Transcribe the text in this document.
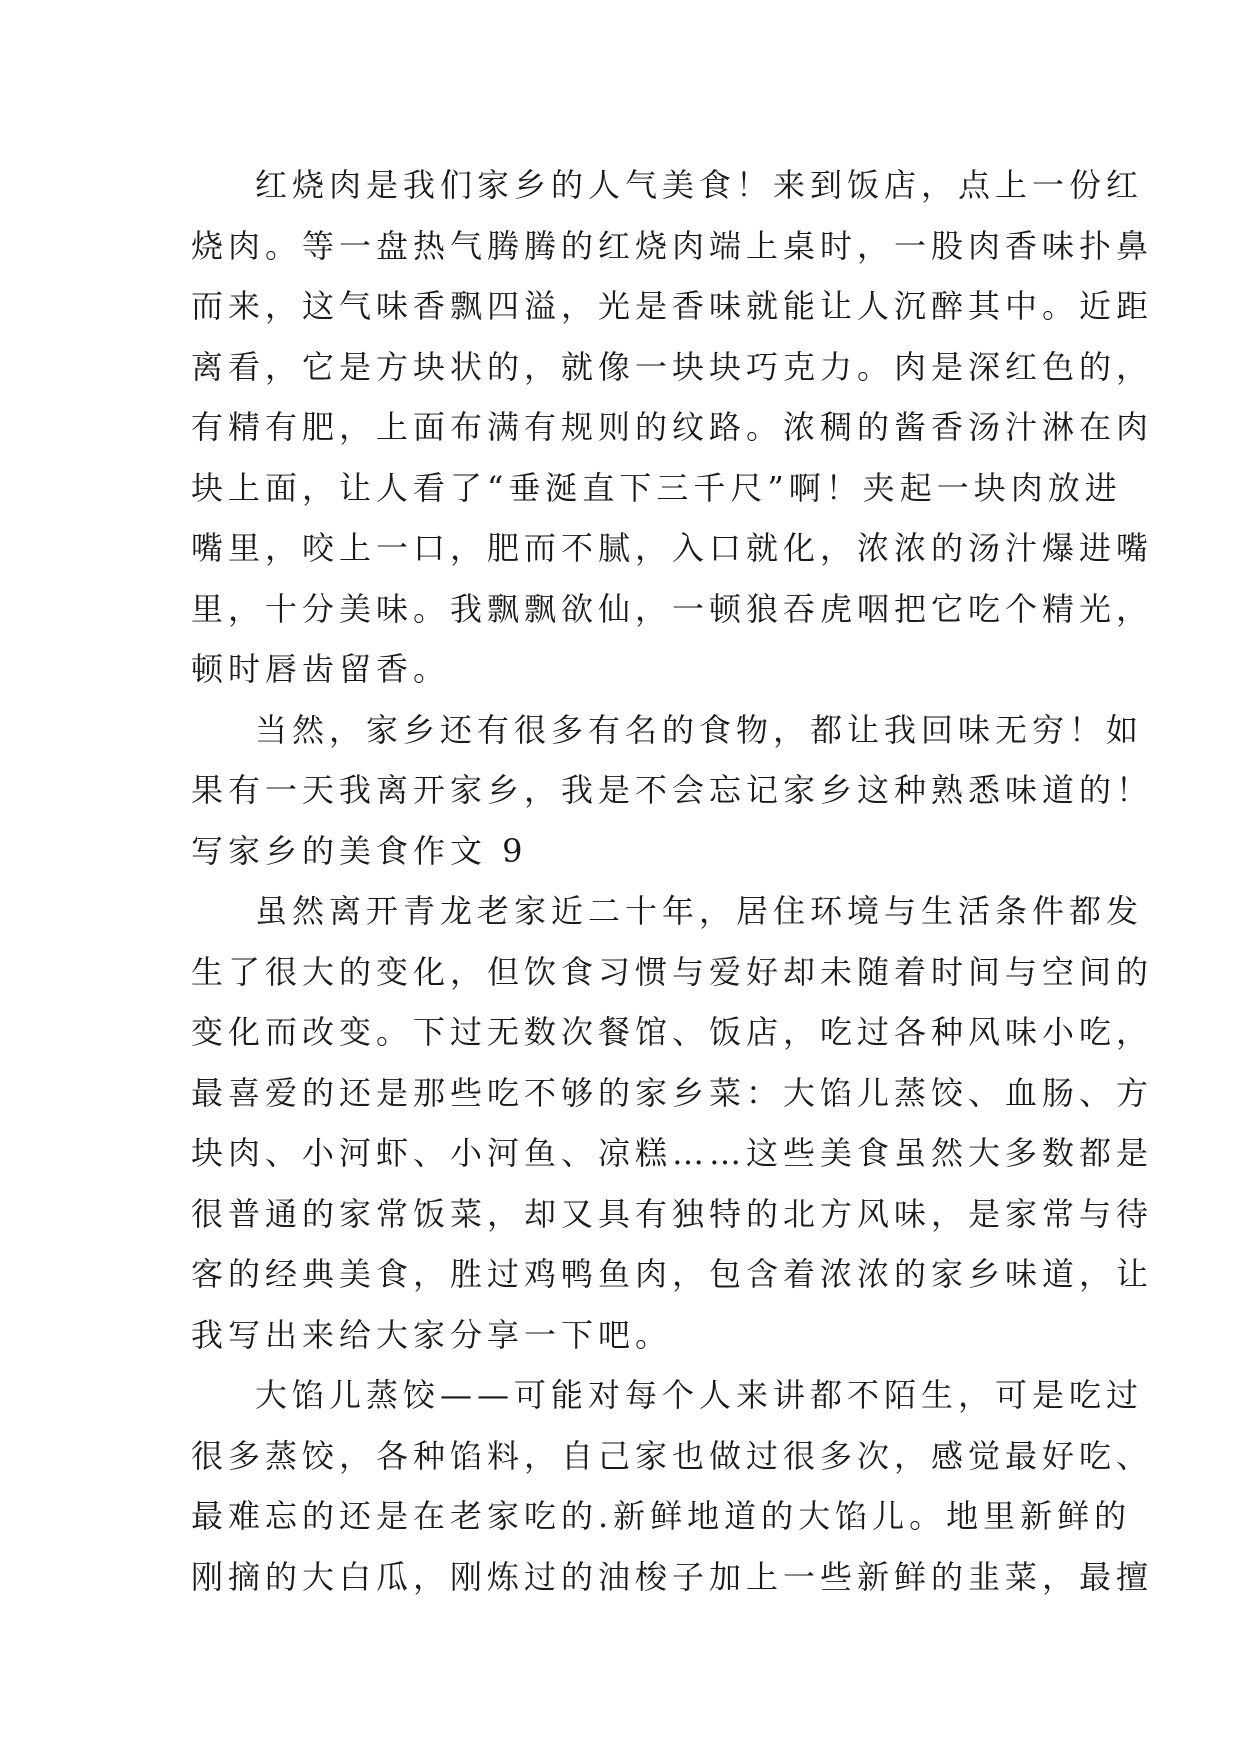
红烧肉是我们家乡的人气美食！来到饭店，点上一份红
烧肉。等一盘热气腾腾的红烧肉端上桌时，一股肉香味扑鼻
而来，这气味香飘四溢，光是香味就能让人沉醉其中。近距
离看，它是方块状的，就像一块块巧克力。肉是深红色的，
有精有肥，上面布满有规则的纹路。浓稠的酱香汤汁淋在肉
块上面，让人看了“垂涎直下三千尺”啊！夹起一块肉放进
嘴里，咬上一口，肥而不腻，入口就化，浓浓的汤汁爆进嘴
里，十分美味。我飘飘欲仙，一顿狼吞虎咽把它吃个精光，
顿时唇齿留香。
当然，家乡还有很多有名的食物，都让我回味无穷！如
果有一天我离开家乡，我是不会忘记家乡这种熟悉味道的！
写家乡的美食作文 9
虽然离开青龙老家近二十年，居住环境与生活条件都发
生了很大的变化，但饮食习惯与爱好却未随着时间与空间的
变化而改变。下过无数次餐馆、饭店，吃过各种风味小吃，
最喜爱的还是那些吃不够的家乡菜：大馅儿蒸饺、血肠、方
块肉、小河虾、小河鱼、凉糕……这些美食虽然大多数都是
很普通的家常饭菜，却又具有独特的北方风味，是家常与待
客的经典美食，胜过鸡鸭鱼肉，包含着浓浓的家乡味道，让
我写出来给大家分享一下吧。
大馅儿蒸饺——可能对每个人来讲都不陌生，可是吃过
很多蒸饺，各种馅料，自己家也做过很多次，感觉最好吃、
最难忘的还是在老家吃的.新鲜地道的大馅儿。地里新鲜的
刚摘的大白瓜，刚炼过的油梭子加上一些新鲜的韭菜，最擅
